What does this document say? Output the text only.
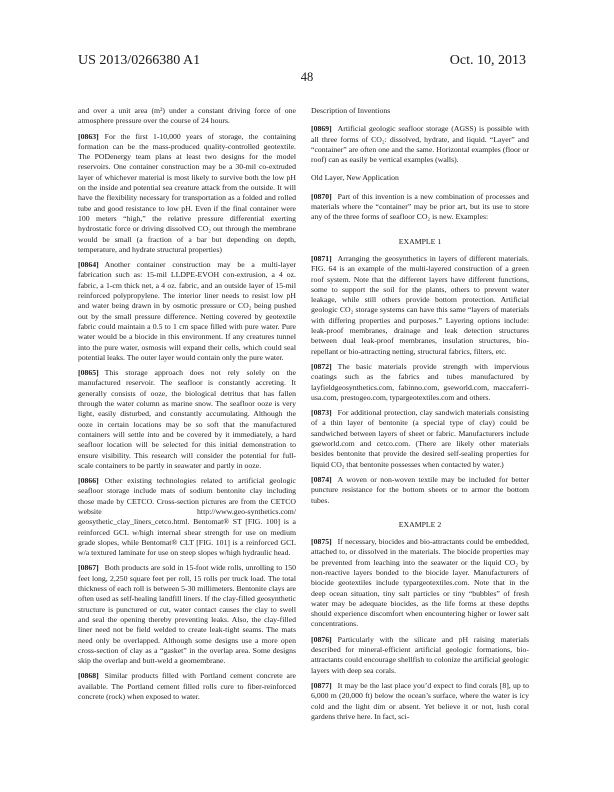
US 2013/0266380 A1
48
Oct. 10, 2013

and over a unit area (m²) under a constant driving force of one atmosphere pressure over the course of 24 hours.

[0863] For the first 1-10,000 years of storage, the containing formation can be the mass-produced quality-controlled geotextile. The PODenergy team plans at least two designs for the model reservoirs. One container construction may be a 30-mil co-extruded layer of whichever material is most likely to survive both the low pH on the inside and potential sea creature attack from the outside. It will have the flexibility necessary for transportation as a folded and rolled tube and good resistance to low pH. Even if the final container were 100 meters “high,” the relative pressure differential exerting hydrostatic force or driving dissolved CO₂ out through the membrane would be small (a fraction of a bar but depending on depth, temperature, and hydrate structural properties)

[0864] Another container construction may be a multi-layer fabrication such as: 15-mil LLDPE-EVOH con-extrusion, a 4 oz. fabric, a 1-cm thick net, a 4 oz. fabric, and an outside layer of 15-mil reinforced polypropylene. The interior liner needs to resist low pH and water being drawn in by osmotic pressure or CO₂ being pushed out by the small pressure difference. Netting covered by geotextile fabric could maintain a 0.5 to 1 cm space filled with pure water. Pure water would be a biocide in this environment. If any creatures tunnel into the pure water, osmosis will expand their cells, which could seal potential leaks. The outer layer would contain only the pure water.

[0865] This storage approach does not rely solely on the manufactured reservoir. The seafloor is constantly accreting. It generally consists of ooze, the biological detritus that has fallen through the water column as marine snow. The seafloor ooze is very light, easily disturbed, and constantly accumulating. Although the ooze in certain locations may be so soft that the manufactured containers will settle into and be covered by it immediately, a hard seafloor location will be selected for this initial demonstration to ensure visibility. This research will consider the potential for full-scale containers to be partly in seawater and partly in ooze.

[0866] Other existing technologies related to artificial geologic seafloor storage include mats of sodium bentonite clay including those made by CETCO. Cross-section pictures are from the CETCO website http://www.geo-synthetics.com/ geosythetic_clay_liners_cetco.html. Bentomat® ST [FIG. 100] is a reinforced GCL w/high internal shear strength for use on medium grade slopes, while Bentomat® CLT [FIG. 101] is a reinforced GCL w/a textured laminate for use on steep slopes w/high hydraulic head.

[0867] Both products are sold in 15-foot wide rolls, unrolling to 150 feet long, 2,250 square feet per roll, 15 rolls per truck load. The total thickness of each roll is between 5-30 millimeters. Bentonite clays are often used as self-healing landfill liners. If the clay-filled geosynthetic structure is punctured or cut, water contact causes the clay to swell and seal the opening thereby preventing leaks. Also, the clay-filled liner need not be field welded to create leak-tight seams. The mats need only be overlapped. Although some designs use a more open cross-section of clay as a “gasket” in the overlap area. Some designs skip the overlap and butt-weld a geomembrane.

[0868] Similar products filled with Portland cement concrete are available. The Portland cement filled rolls cure to fiber-reinforced concrete (rock) when exposed to water.

Description of Inventions

[0869] Artificial geologic seafloor storage (AGSS) is possible with all three forms of CO₂: dissolved, hydrate, and liquid. “Layer” and “container” are often one and the same. Horizontal examples (floor or roof) can as easily be vertical examples (walls).

Old Layer, New Application

[0870] Part of this invention is a new combination of processes and materials where the “container” may be prior art, but its use to store any of the three forms of seafloor CO₂ is new. Examples:

EXAMPLE 1

[0871] Arranging the geosynthetics in layers of different materials. FIG. 64 is an example of the multi-layered construction of a green roof system. Note that the different layers have different functions, some to support the soil for the plants, others to prevent water leakage, while still others provide bottom protection. Artificial geologic CO₂ storage systems can have this same “layers of materials with differing properties and purposes.” Layering options include: leak-proof membranes, drainage and leak detection structures between dual leak-proof membranes, insulation structures, bio-repellant or bio-attracting netting, structural fabrics, filters, etc.

[0872] The basic materials provide strength with impervious coatings such as the fabrics and tubes manufactured by layfieldgeosynthetics.com, fabinno.com, gseworld.com, maccaferri-usa.com, prestogeo.com, typargeotextiles.com and others.

[0873] For additional protection, clay sandwich materials consisting of a thin layer of bentonite (a special type of clay) could be sandwiched between layers of sheet or fabric. Manufacturers include gseworld.com and cetco.com. (There are likely other materials besides bentonite that provide the desired self-sealing properties for liquid CO₂ that bentonite possesses when contacted by water.)

[0874] A woven or non-woven textile may be included for better puncture resistance for the bottom sheets or to armor the bottom tubes.

EXAMPLE 2

[0875] If necessary, biocides and bio-attractants could be embedded, attached to, or dissolved in the materials. The biocide properties may be prevented from leaching into the seawater or the liquid CO₂ by non-reactive layers bonded to the biocide layer. Manufacturers of biocide geotextiles include typargeotextiles.com. Note that in the deep ocean situation, tiny salt particles or tiny “bubbles” of fresh water may be adequate biocides, as the life forms at these depths should experience discomfort when encountering higher or lower salt concentrations.

[0876] Particularly with the silicate and pH raising materials described for mineral-efficient artificial geologic formations, bio-attractants could encourage shellfish to colonize the artificial geologic layers with deep sea corals.

[0877] It may be the last place you’d expect to find corals [8], up to 6,000 m (20,000 ft) below the ocean’s surface, where the water is icy cold and the light dim or absent. Yet believe it or not, lush coral gardens thrive here. In fact, sci-
